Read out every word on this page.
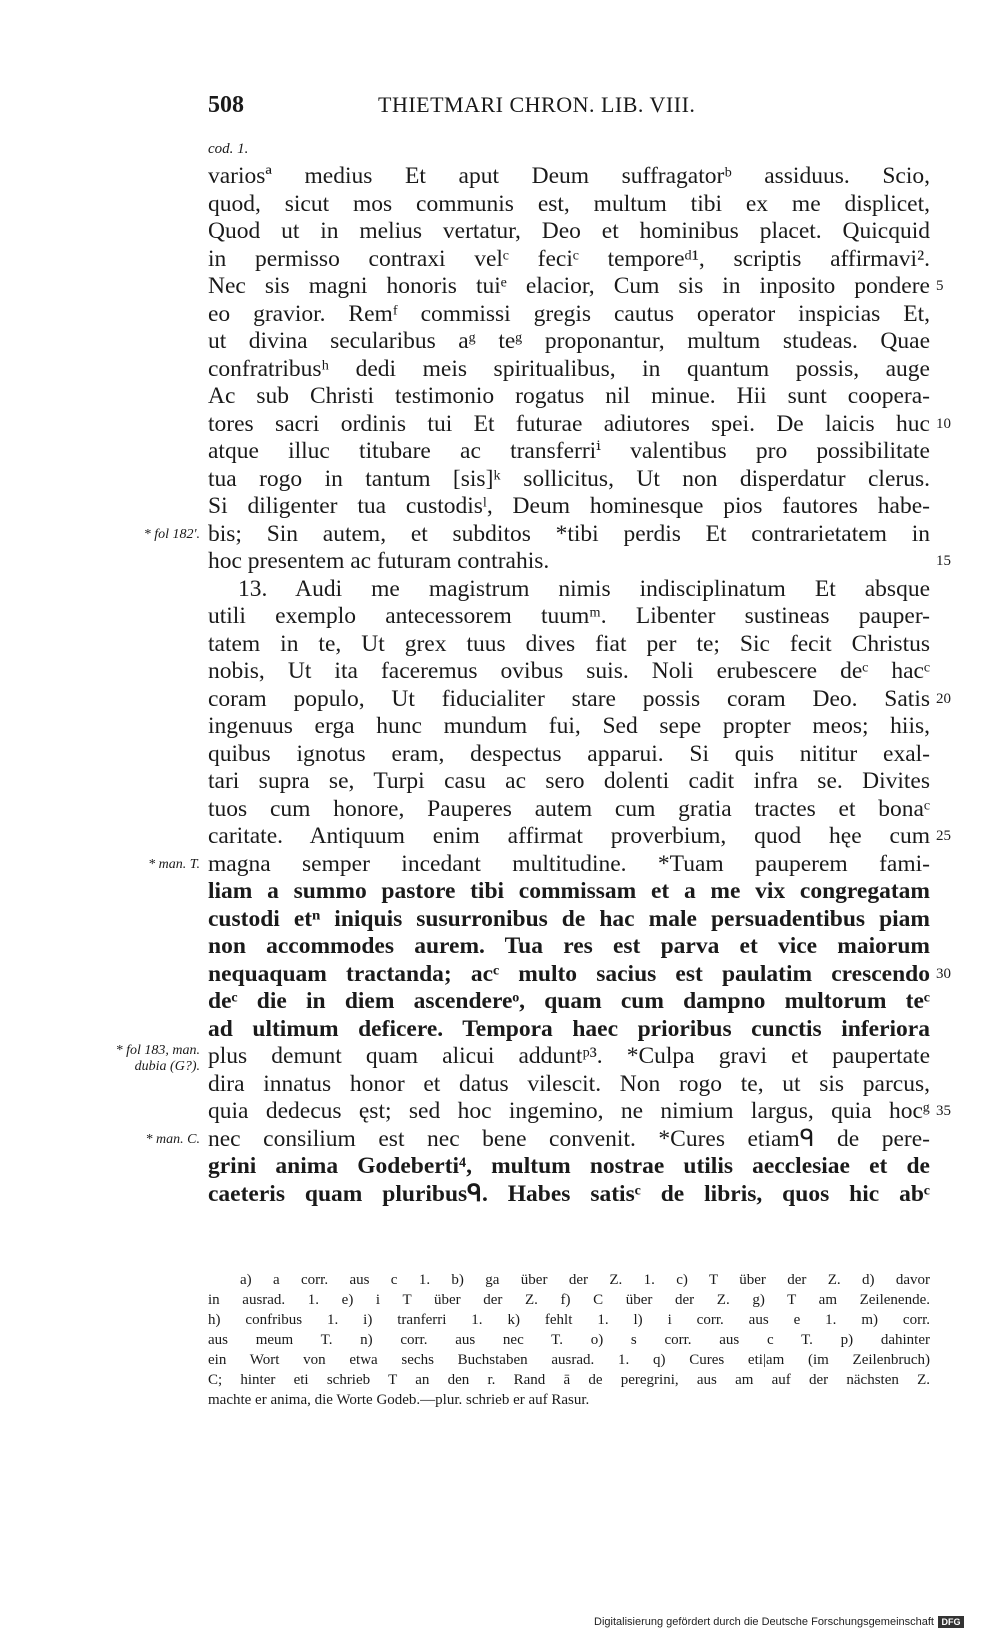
508	THIETMARI CHRON. LIB. VIII.
cod. 1.
variosª medius Et aput Deum suffragatorᵇ assiduus. Scio,
quod, sicut mos communis est, multum tibi ex me displicet,
Quod ut in melius vertatur, Deo et hominibus placet. Quicquid
in permisso contraxi velᶜ feciᶜ temporeᵈ¹, scriptis affirmavi².
Nec sis magni honoris tuiᵉ elacior, Cum sis in inposito pondere
eo gravior. Remᶠ commissi gregis cautus operator inspicias Et,
ut divina secularibus aᵍ teᵍ proponantur, multum studeas. Quae
confratribusʰ dedi meis spiritualibus, in quantum possis, auge
Ac sub Christi testimonio rogatus nil minue. Hii sunt coopera-
tores sacri ordinis tui Et futurae adiutores spei. De laicis huc
atque illuc titubare ac transferriⁱ valentibus pro possibilitate
tua rogo in tantum [sis]ᵏ sollicitus, Ut non disperdatur clerus.
Si diligenter tua custodisˡ, Deum hominesque pios fautores habe-
bis; Sin autem, et subditos *tibi perdis Et contrarietatem in
hoc presentem ac futuram contrahis.
13. Audi me magistrum nimis indisciplinatum Et absque
utili exemplo antecessorem tuumᵐ. Libenter sustineas pauper-
tatem in te, Ut grex tuus dives fiat per te; Sic fecit Christus
nobis, Ut ita faceremus ovibus suis. Noli erubescere deᶜ hacᶜ
coram populo, Ut fiducialiter stare possis coram Deo. Satis
ingenuus erga hunc mundum fui, Sed sepe propter meos; hiis,
quibus ignotus eram, despectus apparui. Si quis nititur exal-
tari supra se, Turpi casu ac sero dolenti cadit infra se. Divites
tuos cum honore, Pauperes autem cum gratia tractes et bonaᶜ
caritate. Antiquum enim affirmat proverbium, quod hęe cum
magna semper incedant multitudine. *Tuam pauperem fami-
liam a summo pastore tibi commissam et a me vix congregatam
custodi etⁿ iniquis susurronibus de hac male persuadentibus piam
non accommodes aurem. Tua res est parva et vice maiorum
nequaquam tractanda; acᶜ multo sacius est paulatim crescendo
deᶜ die in diem ascendereᵒ, quam cum dampno multorum teᶜ
ad ultimum deficere. Tempora haec prioribus cunctis inferiora
plus demunt quam alicui adduntᵖ³. *Culpa gravi et paupertate
dira innatus honor et datus vilescit. Non rogo te, ut sis parcus,
quia dedecus ęst; sed hoc ingemino, ne nimium largus, quia hocᵍ
nec consilium est nec bene convenit. *Cures etiamᑫ de pere-
grini anima Godeberti⁴, multum nostrae utilis aecclesiae et de
caeteris quam pluribusᑫ. Habes satisᶜ de libris, quos hic abᶜ
5
10
15
20
25
30
35
* fol 182'.
* man. T.
* fol 183, man.
dubia (G?).
* man. C.
a) a corr. aus c 1. b) ga über der Z. 1. c) T über der Z. d) davor
in ausrad. 1. e) i T über der Z. f) C über der Z. g) T am Zeilenende.
h) confribus 1. i) tranferri 1. k) fehlt 1. l) i corr. aus e 1. m) corr.
aus meum T. n) corr. aus nec T. o) s corr. aus c T. p) dahinter
ein Wort von etwa sechs Buchstaben ausrad. 1. q) Cures eti|am (im Zeilenbruch)
C; hinter eti schrieb T an den r. Rand ā de peregrini, aus am auf der nächsten Z.
machte er anima, die Worte Godeb.—plur. schrieb er auf Rasur.
Digitalisierung gefördert durch die Deutsche Forschungsgemeinschaft DFG
